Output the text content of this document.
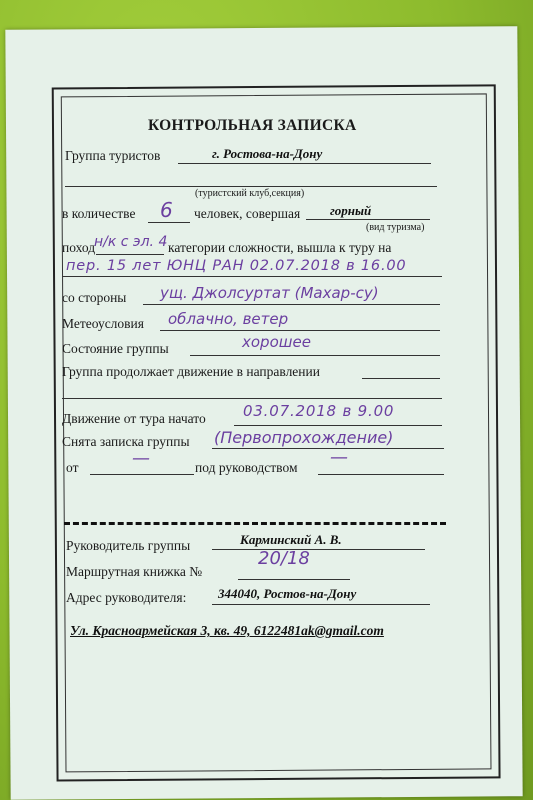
КОНТРОЛЬНАЯ ЗАПИСКА
Группа туристов	г. Ростова-на-Дону
(туристский клуб,секция)
в количестве 6 человек, совершая горный
(вид туризма)
поход
н/к с эл. 4 категории сложности, вышла к туру на
пер. 15 лет ЮНЦ РАН 02.07.2018 в 16.00
со стороны ущ. Джолсуртат (Махар-су)
Метеоусловия облачно, ветер
Состояние группы	хорошее
Группа продолжает движение в направлении
Движение от тура начато 03.07.2018 в 9.00
Снята записка группы (Первопрохождение)
от	—	под руководством —
Руководитель группы	Карминский А. В.
Маршрутная книжка №
20/18
Адрес руководителя: 344040, Ростов-на-Дону
Ул. Красноармейская 3, кв. 49, 6122481ak@gmail.com
